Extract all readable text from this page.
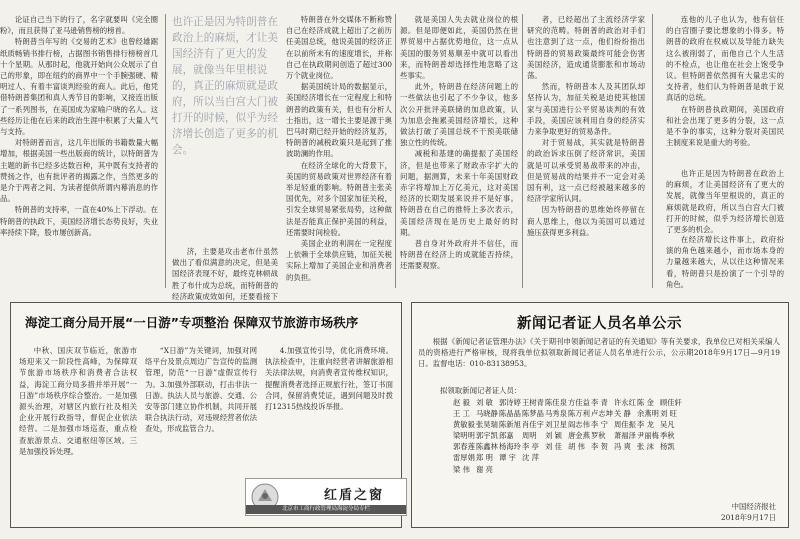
论证自己当下的行了，名字就要叫《完全圈粉》，而且获得了亚马逊销售榜的榜首。

特朗普当年写的《交易的艺术》也曾经雄踞纸质畅销书排行榜，占据图书销售排行榜榜首几十个星期。从那时起，他就开始向公众展示了自己的形象，即在纽约的商界中一个手腕强硬、精明过人、有着丰富谈判经验的商人。此后，他凭借特朗普集团和真人秀节目的影响，又接连出版了一系列图书，在美国成为家喻户晓的名人。这些经历让他在后来的政治生涯中积累了大量人气与支持。

对特朗普而言，这几年出版的书籍数量大幅增加，根据美国一些出版商的统计，以特朗普为主题的新书已经多达数百种，其中既有支持者的赞扬之作，也有批评者的揭露之作，当然更多的是介于两者之间、为读者提供所谓内幕消息的作品。

特朗普的支持率，一直在40%上下浮动。在特朗普的执政下，美国经济增长态势良好，失业率持续下降，股市屡创新高。

也许正是因为特朗普在政治上的麻烦，才让美国经济有了更大的发展，就像当年里根说的，真正的麻烦就是政府，所以当白宫大门被打开的时候，似乎为经济增长创造了更多的机会。

济，主要是攻击老布什虽然做出了看似满意的决定，但是美国经济表现不好，最终克林顿战胜了布什成为总统，而特朗普的经济政策成效如何，还要看接下

特朗普在外交媒体不断称赞自己在经济成就上超出了之前历任美国总统，他说美国的经济正在以前所未有的速度增长，并称自己在执政期间创造了超过300万个就业岗位。

据美国统计局的数据显示，美国经济增长在一定程度上和特朗普的政策有关，但也有分析人士指出，这一增长主要是源于奥巴马时期已经开始的经济复苏，特朗普的减税政策只是起到了推波助澜的作用。

在经济全球化的大背景下，美国的贸易政策对世界经济有着举足轻重的影响。特朗普主张美国优先，对多个国家加征关税，引发全球贸易紧张局势，这种做法是否能真正保护美国的利益，还需要时间检验。

美国企业的利润在一定程度上依赖于全球供应链，加征关税实际上增加了美国企业和消费者的负担。

就是美国人失去就业岗位的根源。但是即便如此，美国仍然在世界贸易中占据优势地位，这一点从美国的服务贸易顺差中就可以看出来，而特朗普却选择性地忽略了这些事实。

此外，特朗普在经济问题上的一些做法也引起了不少争议，他多次公开批评美联储的加息政策，认为加息会拖累美国经济增长，这种做法打破了美国总统不干预美联储独立性的传统。

减税和基建的确提振了美国经济，但是也带来了财政赤字扩大的问题，据测算，未来十年美国财政赤字将增加上万亿美元，这对美国经济的长期发展来说并不是好事。特朗普在自己的推特上多次表示，美国经济现在是历史上最好的时期。

普自身对外政府并不信任，而特朗普在经济上的成就能否持续，还需要观察。

者，已经超出了主流经济学家研究的范畴。特朗普的政治对手们也注意到了这一点，他们纷纷指出特朗普的贸易政策最终可能会伤害美国经济，造成通货膨胀和市场动荡。

然而，特朗普本人及其团队却坚持认为，加征关税是迫使其他国家与美国进行公平贸易谈判的有效手段，美国应该利用自身的经济实力来争取更好的贸易条件。

对于贸易战，其实就是特朗普的政治诉求压倒了经济常识，美国就是可以承受贸易战带来的冲击，但是贸易战的结果并不一定会对美国有利，这一点已经被越来越多的经济学家所认同。

因为特朗普的思维始终停留在商人思维上，他以为美国可以通过施压获得更多利益。

连他的儿子也认为，他有信任的白宫圈子要比想象的小得多。特朗普的政府在权威以及导能力缺失这么被削弱了，而他自己个人生活的不检点，也让他在社会上饱受争议。但特朗普依然拥有大量忠实的支持者，他们认为特朗普是敢于说真话的总统。

在特朗普执政期间，美国政府和社会出现了更多的分裂，这一点是不争的事实，这种分裂对美国民主制度来说是重大的考验。

也许正是因为特朗普在政治上的麻烦，才让美国经济有了更大的发展，就像当年里根说的，真正的麻烦就是政府，所以当白宫大门被打开的时候，似乎为经济增长创造了更多的机会。

在经济增长这件事上，政府扮演的角色越来越小，而市场本身的力量越来越大，从以往这种情况来看，特朗普只是扮演了一个引导的角色。

海淀工商分局开展“一日游”专项整治 保障双节旅游市场秩序

中秋、国庆双节临近，旅游市场迎来又一阶段性高峰，为保障双节旅游市场秩序和消费者合法权益，海淀工商分局多措并举开展“一日游”市场秩序综合整治。一是加强源头治理，对辖区内旅行社及相关企业开展行政指导，督促企业依法经营。二是加强市场巡查，重点检查旅游景点、交通枢纽等区域。三是加强投诉处理。

“X日游”为关键词，加强对网络平台及景点周边广告宣传的监测管理，防范“一日游”虚假宣传行为。3.加强外部联动，打击非法一日游。执法人员与旅游、交通、公安等部门建立协作机制，共同开展联合执法行动，对违规经营者依法查处，形成监管合力。

4.加强宣传引导，优化消费环境。执法检查中，注重向经营者讲解旅游相关法律法规，向消费者宣传维权知识，提醒消费者选择正规旅行社，签订书面合同，保留消费凭证，遇到问题及时拨打12315热线投诉举报。

红盾之窗
北京市工商行政管理局海淀分局专栏
新闻记者证人员名单公示

根据《新闻记者证管理办法》《关于期刊申领新闻记者证的有关通知》等有关要求，我单位已对相关采编人员的资格进行严格审核，现将我单位拟领取新闻记者证人员名单进行公示，公示期2018年9月17日—9月19日。监督电话：010-83138953。

拟领取新闻记者证人员：
赵 毅 刘 敏 郭诗婷 王树青 陈佳泉 方佳益 李 青 许永红 陈 金 顾佳轩
王 工 马晓静 陈晶晶 陈梦晶 马秀泉 陈万利 卢志坤 关 静 余燕明 刘 旺
黄敏毅 张昊瑞 陈新旭 肖佳宇 刘卫星 阎志伟 李 宁 周佳振 李 龙 吴凡
梁明明 郭宇凯 郎嘉	周明	刘 颖 唐金燕 罗秋	萧福泽 尹丽梅 季秋
郭春莲 陈鑫林 杨海玲 李 亭 刘 佳 胡 伟 李 贺 冯 爽 张 沫 杨凯
雷厚娟 郑 明 谭 宇 沈 萍
梁 伟 谢 亮
中国经济报社
2018年9月17日
